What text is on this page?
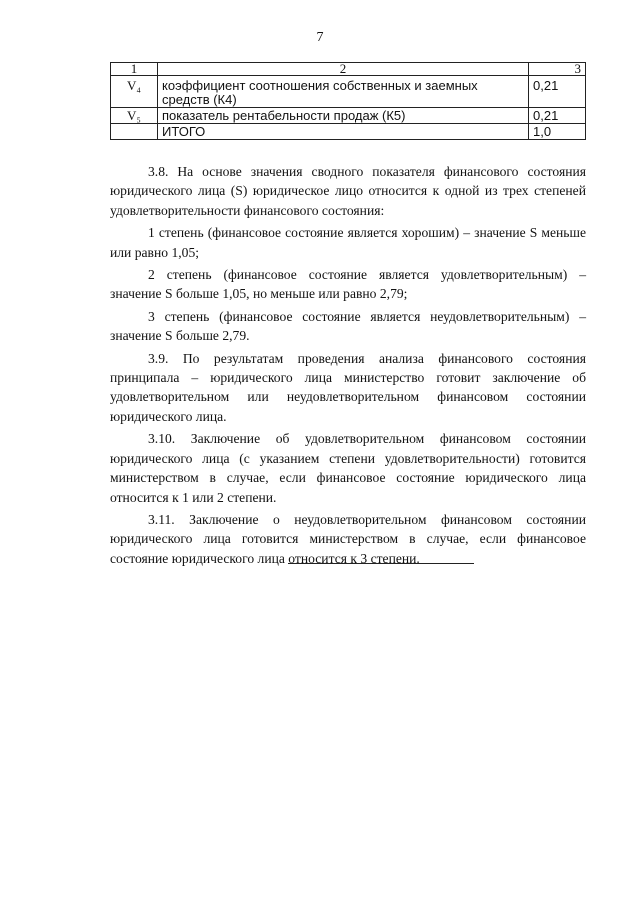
7
1	2	3
V₄	коэффициент соотношения собственных и заемных средств (К4)	0,21
V₅	показатель рентабельности продаж (К5)	0,21
	ИТОГО	1,0

3.8. На основе значения сводного показателя финансового состояния юридического лица (S) юридическое лицо относится к одной из трех степеней удовлетворительности финансового состояния:

1 степень (финансовое состояние является хорошим) – значение S меньше или равно 1,05;

2 степень (финансовое состояние является удовлетворительным) – значение S больше 1,05, но меньше или равно 2,79;

3 степень (финансовое состояние является неудовлетворительным) – значение S больше 2,79.

3.9. По результатам проведения анализа финансового состояния принципала – юридического лица министерство готовит заключение об удовлетворительном или неудовлетворительном финансовом состоянии юридического лица.

3.10. Заключение об удовлетворительном финансовом состоянии юридического лица (с указанием степени удовлетворительности) готовится министерством в случае, если финансовое состояние юридического лица относится к 1 или 2 степени.

3.11. Заключение о неудовлетворительном финансовом состоянии юридического лица готовится министерством в случае, если финансовое состояние юридического лица относится к 3 степени.
